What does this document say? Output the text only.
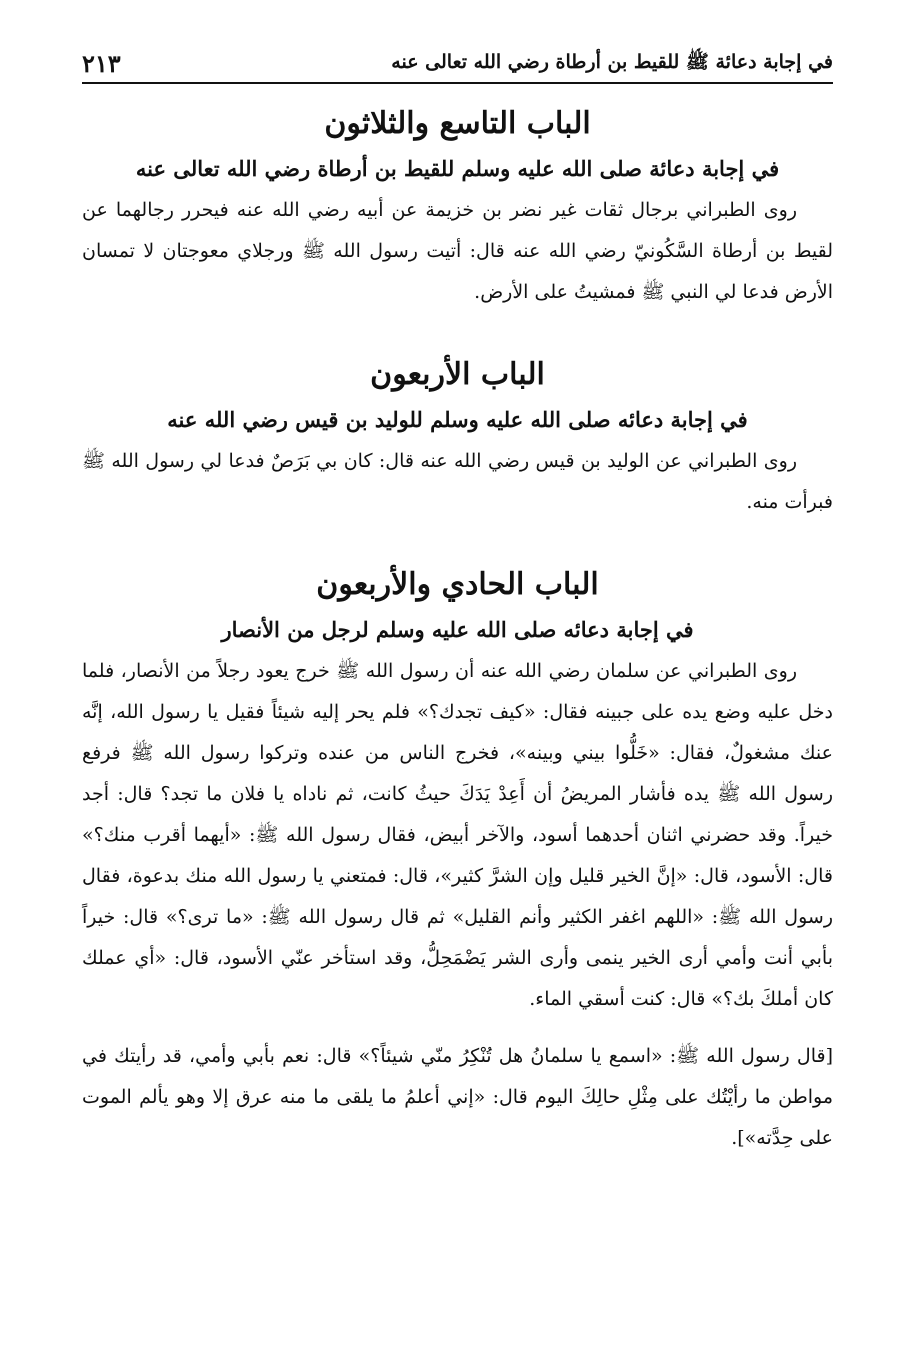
في إجابة دعائة ﷺ للقيط بن أرطاة رضي الله تعالى عنه
٢١٣
الباب التاسع والثلاثون
في إجابة دعائة صلى الله عليه وسلم للقيط بن أرطاة رضي الله تعالى عنه

روى الطبراني برجال ثقات غير نضر بن خزيمة عن أبيه رضي الله عنه فيحرر رجالهما عن لقيط بن أرطاة السَّكُونيّ رضي الله عنه قال: أتيت رسول الله ﷺ ورجلاي معوجتان لا تمسان الأرض فدعا لي النبي ﷺ فمشيتُ على الأرض.

الباب الأربعون
في إجابة دعائه صلى الله عليه وسلم للوليد بن قيس رضي الله عنه

روى الطبراني عن الوليد بن قيس رضي الله عنه قال: كان بي بَرَصٌ فدعا لي رسول الله ﷺ فبرأت منه.

الباب الحادي والأربعون
في إجابة دعائه صلى الله عليه وسلم لرجل من الأنصار

روى الطبراني عن سلمان رضي الله عنه أن رسول الله ﷺ خرج يعود رجلاً من الأنصار، فلما دخل عليه وضع يده على جبينه فقال: «كيف تجدك؟» فلم يحر إليه شيئاً فقيل يا رسول الله، إنَّه عنك مشغولٌ، فقال: «خَلُّوا بيني وبينه»، فخرج الناس من عنده وتركوا رسول الله ﷺ فرفع رسول الله ﷺ يده فأشار المريضُ أن أَعِدْ يَدَكَ حيثُ كانت، ثم ناداه يا فلان ما تجد؟ قال: أجد خيراً. وقد حضرني اثنان أحدهما أسود، والآخر أبيض، فقال رسول الله ﷺ: «أيهما أقرب منك؟» قال: الأسود، قال: «إنَّ الخير قليل وإن الشرَّ كثير»، قال: فمتعني يا رسول الله منك بدعوة، فقال رسول الله ﷺ: «اللهم اغفر الكثير وأنم القليل» ثم قال رسول الله ﷺ: «ما ترى؟» قال: خيراً بأبي أنت وأمي أرى الخير ينمى وأرى الشر يَضْمَحِلُّ، وقد استأخر عنّي الأسود، قال: «أي عملك كان أملكَ بك؟» قال: كنت أسقي الماء.

[قال رسول الله ﷺ: «اسمع يا سلمانُ هل تُنْكِرُ منّي شيئاً؟» قال: نعم بأبي وأمي، قد رأيتك في مواطن ما رأيْتُك على مِثْلِ حالِكَ اليوم قال: «إني أعلمُ ما يلقى ما منه عرق إلا وهو يألم الموت على حِدَّته»].
